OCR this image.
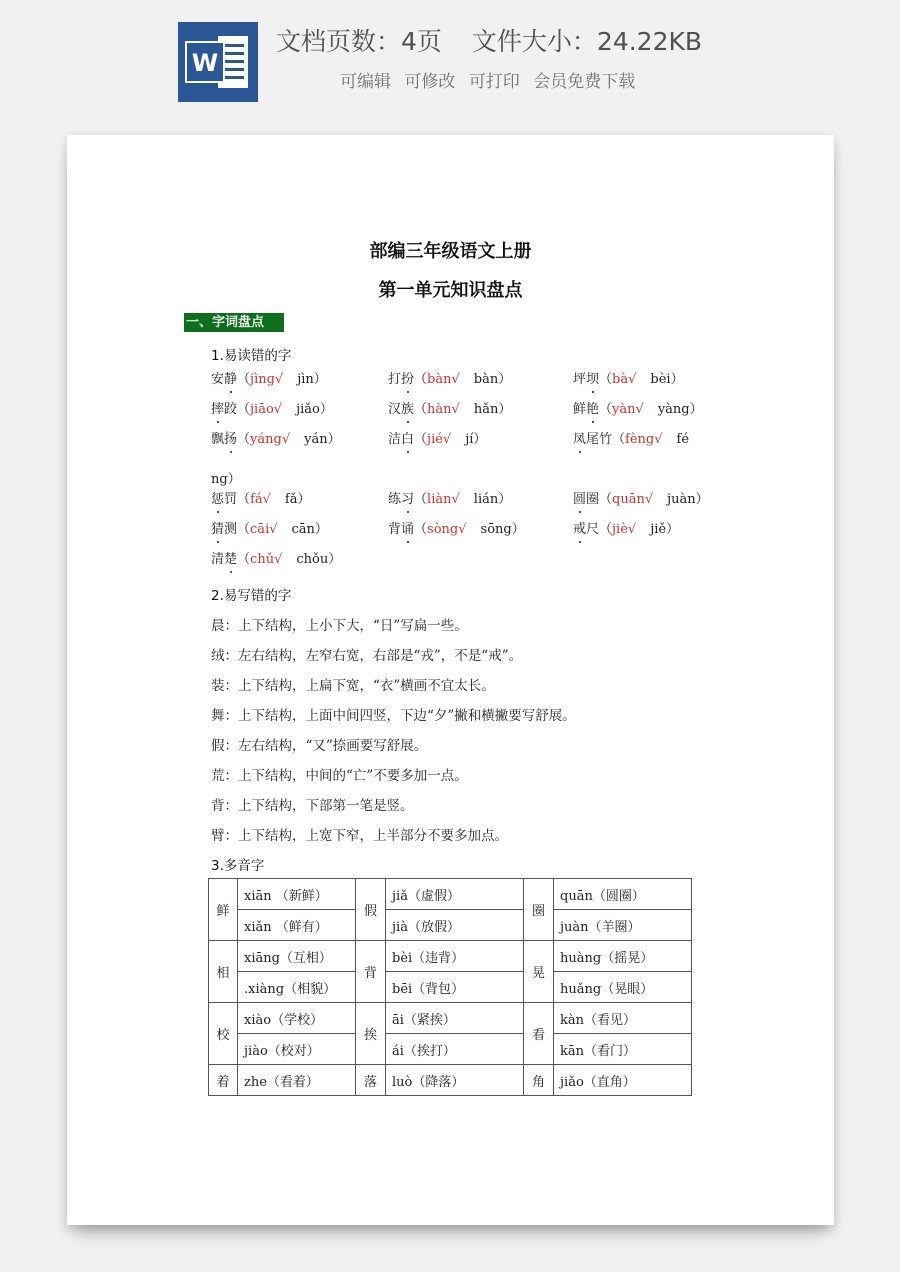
W
文档页数：4页 文件大小：24.22KB
可编辑 可修改 可打印 会员免费下载
部编三年级语文上册
第一单元知识盘点
一、字词盘点
1.易读错的字
安静（jìng√ jìn）	打扮（bàn√ bàn）	坪坝（bà√ bèi）
摔跤（jiāo√ jiǎo）	汉族（hàn√ hǎn）	鲜艳（yàn√ yàng）
飘扬（yáng√ yán）	洁白（jié√ jí）	凤尾竹（fèng√ fé
ng）
惩罚（fá√ fǎ）	练习（liàn√ lián）	圆圈（quān√ juàn）
猜测（cāi√ cān）	背诵（sòng√ sōng）	戒尺（jiè√ jiě）
清楚（chǔ√ chǒu）
2.易写错的字
晨：上下结构，上小下大，“日”写扁一些。
绒：左右结构，左窄右宽，右部是“戎”，不是“戒”。
装：上下结构，上扁下宽，“衣”横画不宜太长。
舞：上下结构，上面中间四竖，下边“夕”撇和横撇要写舒展。
假：左右结构，“又”捺画要写舒展。
荒：上下结构，中间的“亡”不要多加一点。
背：上下结构，下部第一笔是竖。
臂：上下结构，上宽下窄，上半部分不要多加点。
3.多音字
鲜	xiān （新鲜）	假	jiǎ（虚假）	圈	quān（圆圈）
	xiǎn （鲜有）		jià（放假）		juàn（羊圈）
相	xiāng（互相）	背	bèi（违背）	晃	huàng（摇晃）
	.xiàng（相貌）		bēi（背包）		huǎng（晃眼）
校	xiào（学校）	挨	āi（紧挨）	看	kàn（看见）
	jiào（校对）		ái（挨打）		kān（看门）
着	zhe（看着）	落	luò（降落）	角	jiǎo（直角）
